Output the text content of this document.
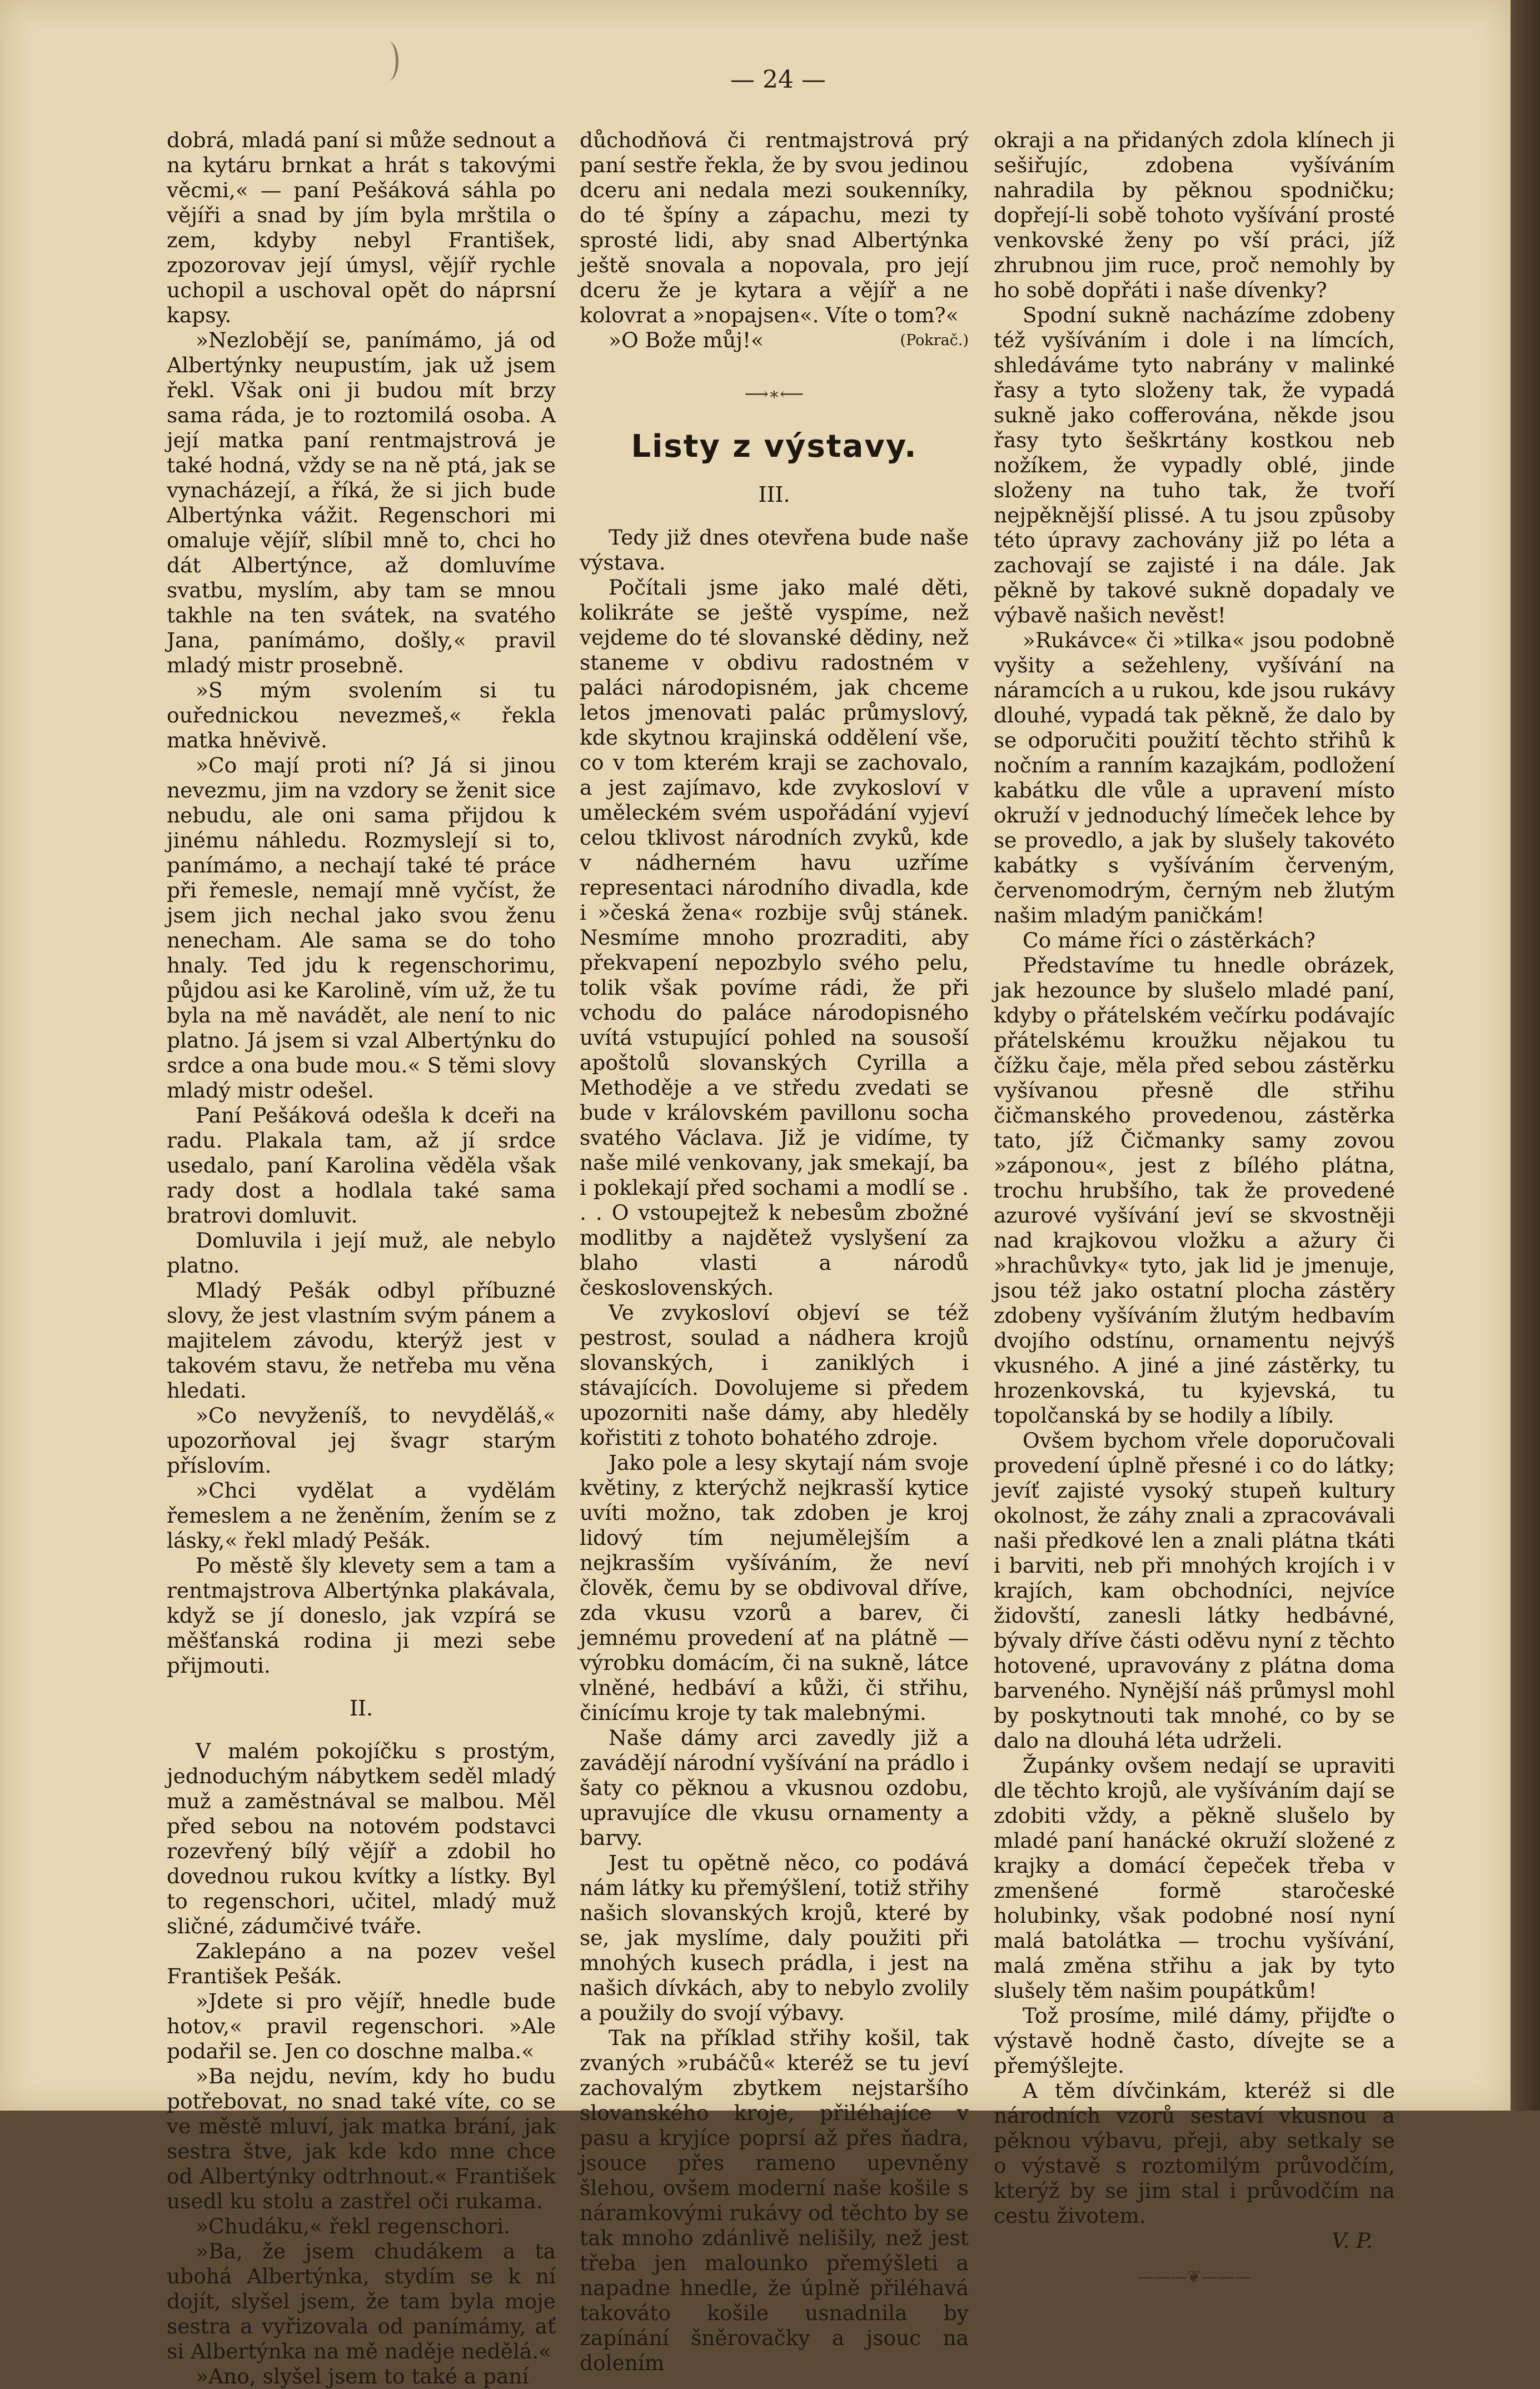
— 24 —

dobrá, mladá paní si může sednout a na kytáru brnkat a hrát s takovými věcmi,« — paní Pešáková sáhla po vějíři a snad by jím byla mrštila o zem, kdyby nebyl František, zpozorovav její úmysl, vějíř rychle uchopil a uschoval opět do náprsní kapsy.

»Nezlobějí se, panímámo, já od Albertýnky neupustím, jak už jsem řekl. Však oni ji budou mít brzy sama ráda, je to roztomilá osoba. A její matka paní rentmajstrová je také hodná, vždy se na ně ptá, jak se vynacházejí, a říká, že si jich bude Albertýnka vážit. Regenschori mi omaluje vějíř, slíbil mně to, chci ho dát Albertýnce, až domluvíme svatbu, myslím, aby tam se mnou takhle na ten svátek, na svatého Jana, panímámo, došly,« pravil mladý mistr prosebně.

»S mým svolením si tu ouřednickou nevezmeš,« řekla matka hněvivě.

»Co mají proti ní? Já si jinou nevezmu, jim na vzdory se ženit sice nebudu, ale oni sama přijdou k jinému náhledu. Rozmyslejí si to, panímámo, a nechají také té práce při řemesle, nemají mně vyčíst, že jsem jich nechal jako svou ženu nenecham. Ale sama se do toho hnaly. Ted jdu k regenschorimu, půjdou asi ke Karolině, vím už, že tu byla na mě navádět, ale není to nic platno. Já jsem si vzal Albertýnku do srdce a ona bude mou.« S těmi slovy mladý mistr odešel.

Paní Pešáková odešla k dceři na radu. Plakala tam, až jí srdce usedalo, paní Karolina věděla však rady dost a hodlala také sama bratrovi domluvit.

Domluvila i její muž, ale nebylo platno.

Mladý Pešák odbyl příbuzné slovy, že jest vlastním svým pánem a majitelem závodu, kterýž jest v takovém stavu, že netřeba mu věna hledati.

»Co nevyženíš, to nevyděláš,« upozorňoval jej švagr starým příslovím.

»Chci vydělat a vydělám řemeslem a ne ženěním, žením se z lásky,« řekl mladý Pešák.

Po městě šly klevety sem a tam a rentmajstrova Albertýnka plakávala, když se jí doneslo, jak vzpírá se měšťanská rodina ji mezi sebe přijmouti.

II.

V malém pokojíčku s prostým, jednoduchým nábytkem seděl mladý muž a zaměstnával se malbou. Měl před sebou na notovém podstavci rozevřený bílý vějíř a zdobil ho dovednou rukou kvítky a lístky. Byl to regenschori, učitel, mladý muž sličné, zádumčivé tváře.

Zaklepáno a na pozev vešel František Pešák.

»Jdete si pro vějíř, hnedle bude hotov,« pravil regenschori. »Ale podařil se. Jen co doschne malba.«

»Ba nejdu, nevím, kdy ho budu potřebovat, no snad také víte, co se ve městě mluví, jak matka brání, jak sestra štve, jak kde kdo mne chce od Albertýnky odtrhnout.« František usedl ku stolu a zastřel oči rukama.

»Chudáku,« řekl regenschori.

»Ba, že jsem chudákem a ta ubohá Albertýnka, stydím se k ní dojít, slyšel jsem, že tam byla moje sestra a vyřizovala od panímámy, ať si Albertýnka na mě naděje nedělá.«

»Ano, slyšel jsem to také a paní

důchodňová či rentmajstrová prý paní sestře řekla, že by svou jedinou dceru ani nedala mezi soukenníky, do té špíny a zápachu, mezi ty sprosté lidi, aby snad Albertýnka ještě snovala a nopovala, pro její dceru že je kytara a vějíř a ne kolovrat a »nopajsen«. Víte o tom?«

»O Bože můj!«	(Pokrač.)

⟶∗⟵
Listy z výstavy.
III.

Tedy již dnes otevřena bude naše výstava.

Počítali jsme jako malé děti, kolikráte se ještě vyspíme, než vejdeme do té slovanské dědiny, než staneme v obdivu radostném v paláci národopisném, jak chceme letos jmenovati palác průmyslový, kde skytnou krajinská oddělení vše, co v tom kterém kraji se zachovalo, a jest zajímavo, kde zvykosloví v uměleckém svém uspořádání vyjeví celou tklivost národních zvyků, kde v nádherném havu uzříme representaci národního divadla, kde i »česká žena« rozbije svůj stánek. Nesmíme mnoho prozraditi, aby překvapení nepozbylo svého pelu, tolik však povíme rádi, že při vchodu do paláce národopisného uvítá vstupující pohled na sousoší apoštolů slovanských Cyrilla a Methoděje a ve středu zvedati se bude v královském pavillonu socha svatého Václava. Již je vidíme, ty naše milé venkovany, jak smekají, ba i poklekají před sochami a modlí se . . . O vstoupejtež k nebesům zbožné modlitby a najdětež vyslyšení za blaho vlasti a národů československých.

Ve zvykosloví objeví se též pestrost, soulad a nádhera krojů slovanských, i zaniklých i stávajících. Dovolujeme si předem upozorniti naše dámy, aby hleděly kořistiti z tohoto bohatého zdroje.

Jako pole a lesy skytají nám svoje květiny, z kterýchž nejkrasší kytice uvíti možno, tak zdoben je kroj lidový tím nejumělejším a nejkrasším vyšíváním, že neví člověk, čemu by se obdivoval dříve, zda vkusu vzorů a barev, či jemnému provedení ať na plátně — výrobku domácím, či na sukně, látce vlněné, hedbáví a kůži, či střihu, činícímu kroje ty tak malebnými.

Naše dámy arci zavedly již a zavádějí národní vyšívání na prádlo i šaty co pěknou a vkusnou ozdobu, upravujíce dle vkusu ornamenty a barvy.

Jest tu opětně něco, co podává nám látky ku přemýšlení, totiž střihy našich slovanských krojů, které by se, jak myslíme, daly použiti při mnohých kusech prádla, i jest na našich dívkách, aby to nebylo zvolily a použily do svojí výbavy.

Tak na příklad střihy košil, tak zvaných »rubáčů« kteréž se tu jeví zachovalým zbytkem nejstaršího slovanského kroje, přiléhajíce v pasu a kryjíce poprsí až přes ňadra, jsouce přes rameno upevněny šlehou, ovšem moderní naše košile s náramkovými rukávy od těchto by se tak mnoho zdánlivě nelišily, než jest třeba jen malounko přemýšleti a napadne hnedle, že úplně přiléhavá takováto košile usnadnila by zapínání šněrovačky a jsouc na dolením

okraji a na přidaných zdola klínech ji sešiřujíc, zdobena vyšíváním nahradila by pěknou spodničku; dopřejí-li sobě tohoto vyšívání prosté venkovské ženy po vší práci, jíž zhrubnou jim ruce, proč nemohly by ho sobě dopřáti i naše dívenky?

Spodní sukně nacházíme zdobeny též vyšíváním i dole i na límcích, shledáváme tyto nabrány v malinké řasy a tyto složeny tak, že vypadá sukně jako cofferována, někde jsou řasy tyto šeškrtány kostkou neb nožíkem, že vypadly oblé, jinde složeny na tuho tak, že tvoří nejpěknější plissé. A tu jsou způsoby této úpravy zachovány již po léta a zachovají se zajisté i na dále. Jak pěkně by takové sukně dopadaly ve výbavě našich nevěst!

»Rukávce« či »tilka« jsou podobně vyšity a sežehleny, vyšívání na náramcích a u rukou, kde jsou rukávy dlouhé, vypadá tak pěkně, že dalo by se odporučiti použití těchto střihů k nočním a ranním kazajkám, podložení kabátku dle vůle a upravení místo okruží v jednoduchý límeček lehce by se provedlo, a jak by slušely takovéto kabátky s vyšíváním červeným, červenomodrým, černým neb žlutým našim mladým paničkám!

Co máme říci o zástěrkách?

Představíme tu hnedle obrázek, jak hezounce by slušelo mladé paní, kdyby o přátelském večírku podávajíc přátelskému kroužku nějakou tu čížku čaje, měla před sebou zástěrku vyšívanou přesně dle střihu čičmanského provedenou, zástěrka tato, jíž Čičmanky samy zovou »záponou«, jest z bílého plátna, trochu hrubšího, tak že provedené azurové vyšívání jeví se skvostněji nad krajkovou vložku a ažury či »hrachůvky« tyto, jak lid je jmenuje, jsou též jako ostatní plocha zástěry zdobeny vyšíváním žlutým hedbavím dvojího odstínu, ornamentu nejvýš vkusného. A jiné a jiné zástěrky, tu hrozenkovská, tu kyjevská, tu topolčanská by se hodily a líbily.

Ovšem bychom vřele doporučovali provedení úplně přesné i co do látky; jevíť zajisté vysoký stupeň kultury okolnost, že záhy znali a zpracovávali naši předkové len a znali plátna tkáti i barviti, neb při mnohých krojích i v krajích, kam obchodníci, nejvíce židovští, zanesli látky hedbávné, bývaly dříve části oděvu nyní z těchto hotovené, upravovány z plátna doma barveného. Nynější náš průmysl mohl by poskytnouti tak mnohé, co by se dalo na dlouhá léta udrželi.

Župánky ovšem nedají se upraviti dle těchto krojů, ale vyšíváním dají se zdobiti vždy, a pěkně slušelo by mladé paní hanácké okruží složené z krajky a domácí čepeček třeba v zmenšené formě staročeské holubinky, však podobné nosí nyní malá batolátka — trochu vyšívání, malá změna střihu a jak by tyto slušely těm našim poupátkům!

Tož prosíme, milé dámy, přijďte o výstavě hodně často, dívejte se a přemýšlejte.

A těm dívčinkám, kteréž si dle národních vzorů sestaví vkusnou a pěknou výbavu, přeji, aby setkaly se o výstavě s roztomilým průvodčím, kterýž by se jim stal i průvodčím na cestu životem.

V. P.
———❦———
